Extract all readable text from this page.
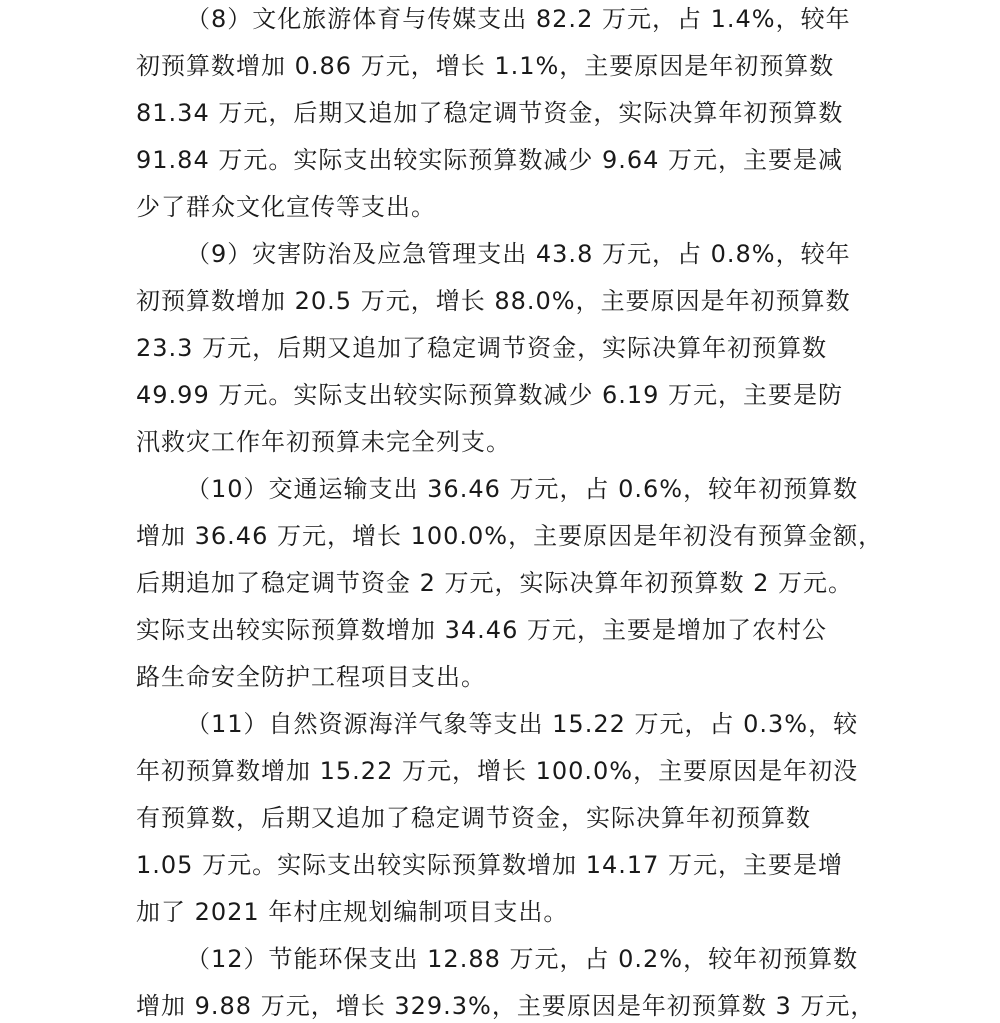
（8）文化旅游体育与传媒支出 82.2 万元，占 1.4%，较年
初预算数增加 0.86 万元，增长 1.1%，主要原因是年初预算数
81.34 万元，后期又追加了稳定调节资金，实际决算年初预算数
91.84 万元。实际支出较实际预算数减少 9.64 万元，主要是减
少了群众文化宣传等支出。
（9）灾害防治及应急管理支出 43.8 万元，占 0.8%，较年
初预算数增加 20.5 万元，增长 88.0%，主要原因是年初预算数
23.3 万元，后期又追加了稳定调节资金，实际决算年初预算数
49.99 万元。实际支出较实际预算数减少 6.19 万元，主要是防
汛救灾工作年初预算未完全列支。
（10）交通运输支出 36.46 万元，占 0.6%，较年初预算数
增加 36.46 万元，增长 100.0%，主要原因是年初没有预算金额，
后期追加了稳定调节资金 2 万元，实际决算年初预算数 2 万元。
实际支出较实际预算数增加 34.46 万元，主要是增加了农村公
路生命安全防护工程项目支出。
（11）自然资源海洋气象等支出 15.22 万元，占 0.3%，较
年初预算数增加 15.22 万元，增长 100.0%，主要原因是年初没
有预算数，后期又追加了稳定调节资金，实际决算年初预算数
1.05 万元。实际支出较实际预算数增加 14.17 万元，主要是增
加了 2021 年村庄规划编制项目支出。
（12）节能环保支出 12.88 万元，占 0.2%，较年初预算数
增加 9.88 万元，增长 329.3%，主要原因是年初预算数 3 万元，
